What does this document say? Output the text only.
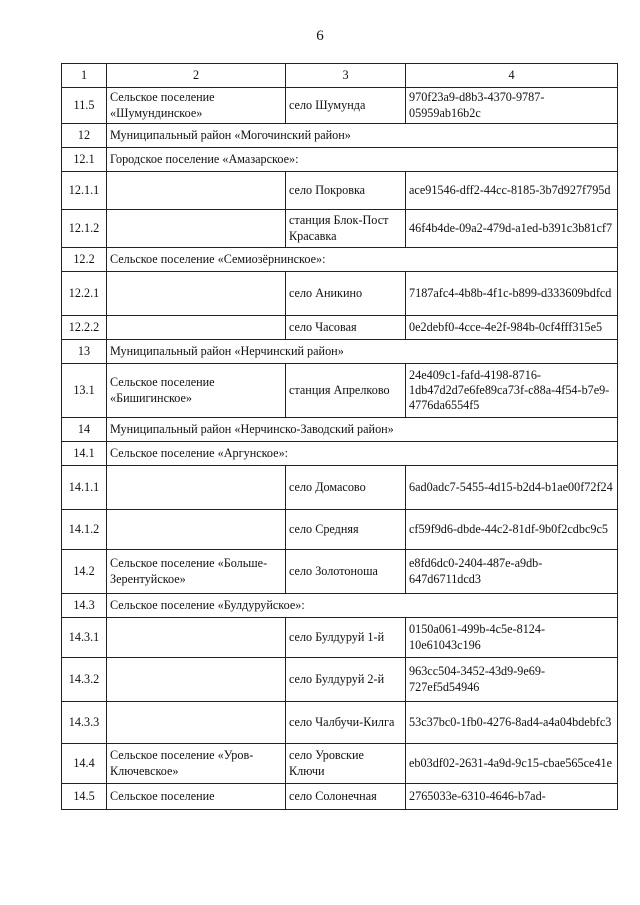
6
1	2	3	4
11.5	Сельское поселение «Шумундинское»	село Шумунда	970f23a9-d8b3-4370-9787-05959ab16b2c
12	Муниципальный район «Могочинский район»		
12.1	Городское поселение «Амазарское»:		
12.1.1		село Покровка	ace91546-dff2-44cc-8185-3b7d927f795d
12.1.2		станция Блок-Пост Красавка	46f4b4de-09a2-479d-a1ed-b391c3b81cf7
12.2	Сельское поселение «Семиозёрнинское»:		
12.2.1		село Аникино	7187afc4-4b8b-4f1c-b899-d333609bdfcd
12.2.2		село Часовая	0e2debf0-4cce-4e2f-984b-0cf4fff315e5
13	Муниципальный район «Нерчинский район»		
13.1	Сельское поселение «Бишигинское»	станция Апрелково	24e409c1-fafd-4198-8716-1db47d2d7e6fe89ca73f-c88a-4f54-b7e9-4776da6554f5
14	Муниципальный район «Нерчинско-Заводский район»		
14.1	Сельское поселение «Аргунское»:		
14.1.1		село Домасово	6ad0adc7-5455-4d15-b2d4-b1ae00f72f24
14.1.2		село Средняя	cf59f9d6-dbde-44c2-81df-9b0f2cdbc9c5
14.2	Сельское поселение «Больше-Зерентуйское»	село Золотоноша	e8fd6dc0-2404-487e-a9db-647d6711dcd3
14.3	Сельское поселение «Булдуруйское»:		
14.3.1		село Булдуруй 1-й	0150a061-499b-4c5e-8124-10e61043c196
14.3.2		село Булдуруй 2-й	963cc504-3452-43d9-9e69-727ef5d54946
14.3.3		село Чалбучи-Килга	53c37bc0-1fb0-4276-8ad4-a4a04bdebfc3
14.4	Сельское поселение «Уров-Ключевское»	село Уровские Ключи	eb03df02-2631-4a9d-9c15-cbae565ce41e
14.5	Сельское поселение	село Солонечная	2765033e-6310-4646-b7ad-
